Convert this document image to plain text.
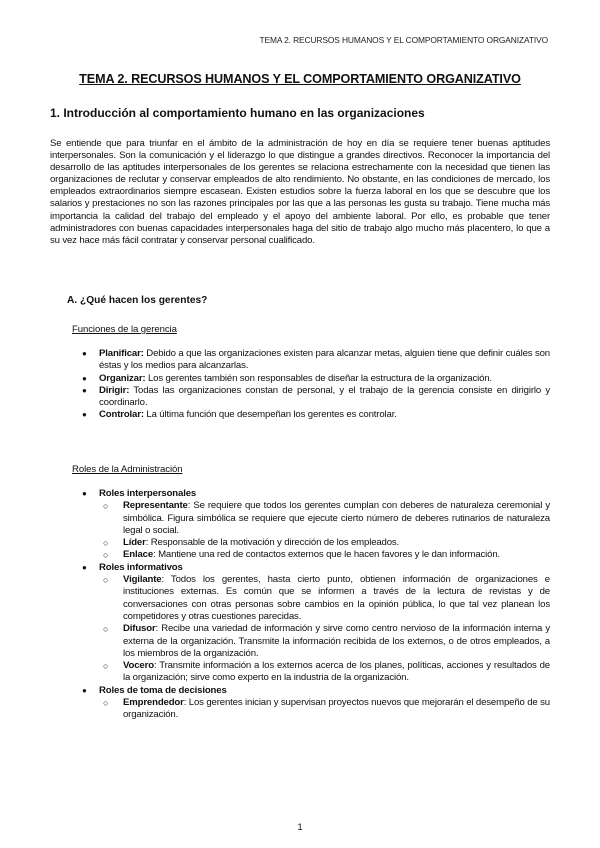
TEMA 2. RECURSOS HUMANOS Y EL COMPORTAMIENTO ORGANIZATIVO
TEMA 2. RECURSOS HUMANOS Y EL COMPORTAMIENTO ORGANIZATIVO
1. Introducción al comportamiento humano en las organizaciones

Se entiende que para triunfar en el ámbito de la administración de hoy en día se requiere tener buenas aptitudes interpersonales. Son la comunicación y el liderazgo lo que distingue a grandes directivos. Reconocer la importancia del desarrollo de las aptitudes interpersonales de los gerentes se relaciona estrechamente con la necesidad que tienen las organizaciones de reclutar y conservar empleados de alto rendimiento. No obstante, en las condiciones de mercado, los empleados extraordinarios siempre escasean. Existen estudios sobre la fuerza laboral en los que se descubre que los salarios y prestaciones no son las razones principales por las que a las personas les gusta su trabajo. Tiene mucha más importancia la calidad del trabajo del empleado y el apoyo del ambiente laboral. Por ello, es probable que tener administradores con buenas capacidades interpersonales haga del sitio de trabajo algo mucho más placentero, lo que a su vez hace más fácil contratar y conservar personal cualificado.

A. ¿Qué hacen los gerentes?
Funciones de la gerencia
● Planificar: Debido a que las organizaciones existen para alcanzar metas, alguien tiene que definir cuáles son éstas y los medios para alcanzarlas.
● Organizar: Los gerentes también son responsables de diseñar la estructura de la organización.
● Dirigir: Todas las organizaciones constan de personal, y el trabajo de la gerencia consiste en dirigirlo y coordinarlo.
● Controlar: La última función que desempeñan los gerentes es controlar.
Roles de la Administración
● Roles interpersonales
○ Representante: Se requiere que todos los gerentes cumplan con deberes de naturaleza ceremonial y simbólica. Figura simbólica se requiere que ejecute cierto número de deberes rutinarios de naturaleza legal o social.
○ Líder: Responsable de la motivación y dirección de los empleados.
○ Enlace: Mantiene una red de contactos externos que le hacen favores y le dan información.
● Roles informativos
○ Vigilante: Todos los gerentes, hasta cierto punto, obtienen información de organizaciones e instituciones externas. Es común que se informen a través de la lectura de revistas y de conversaciones con otras personas sobre cambios en la opinión pública, lo que tal vez planean los competidores y otras cuestiones parecidas.
○ Difusor: Recibe una variedad de información y sirve como centro nervioso de la información interna y externa de la organización. Transmite la información recibida de los externos, o de otros empleados, a los miembros de la organización.
○ Vocero: Transmite información a los externos acerca de los planes, políticas, acciones y resultados de la organización; sirve como experto en la industria de la organización.
● Roles de toma de decisiones
○ Emprendedor: Los gerentes inician y supervisan proyectos nuevos que mejorarán el desempeño de su organización.
1
